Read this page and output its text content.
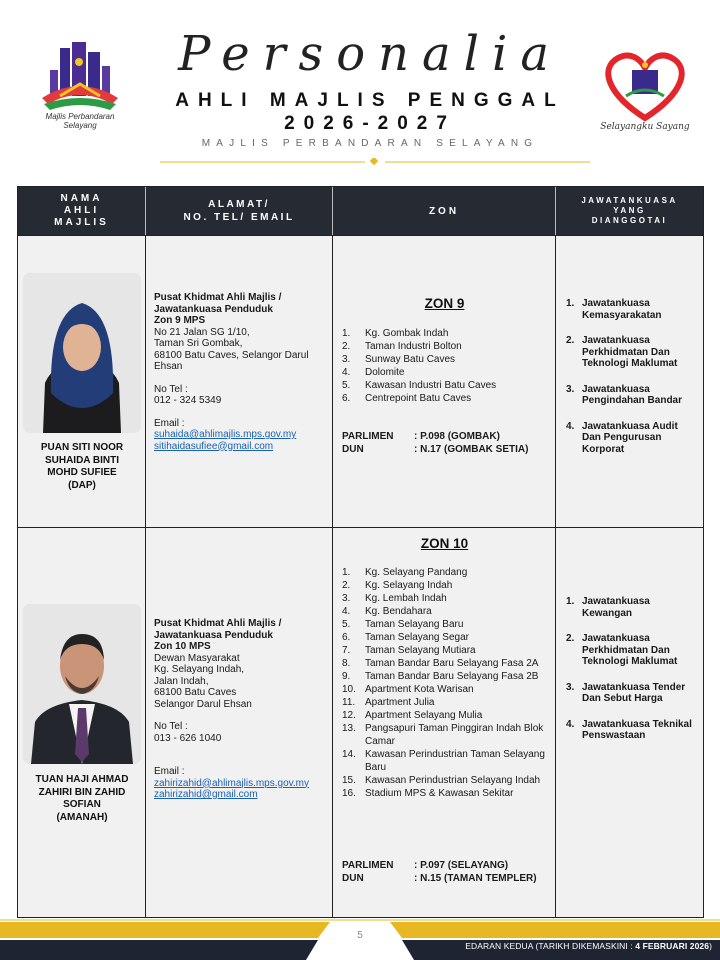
Majlis Perbandaran Selayang
Personalia
AHLI MAJLIS PENGGAL
2026-2027
MAJLIS PERBANDARAN SELAYANG
Selayangku Sayang
NAMA
AHLI
MAJLIS
ALAMAT/
NO. TEL/ EMAIL
ZON
JAWATANKUASA
YANG
DIANGGOTAI
PUAN SITI NOOR
SUHAIDA BINTI
MOHD SUFIEE
(DAP)
Pusat Khidmat Ahli Majlis /
Jawatankuasa Penduduk
Zon 9 MPS
No 21 Jalan SG 1/10,
Taman Sri Gombak,
68100 Batu Caves, Selangor Darul
Ehsan
No Tel :
012 - 324 5349
Email :
suhaida@ahlimajlis.mps.gov.my
sitihaidasufiee@gmail.com
ZON 9
1. Kg. Gombak Indah
2. Taman Industri Bolton
3. Sunway Batu Caves
4. Dolomite
5. Kawasan Industri Batu Caves
6. Centrepoint Batu Caves
PARLIMEN : P.098 (GOMBAK)
DUN	: N.17 (GOMBAK SETIA)
1. Jawatankuasa Kemasyarakatan
2. Jawatankuasa Perkhidmatan Dan Teknologi Maklumat
3. Jawatankuasa Pengindahan Bandar
4. Jawatankuasa Audit Dan Pengurusan Korporat
TUAN HAJI AHMAD
ZAHIRI BIN ZAHID
SOFIAN
(AMANAH)
Pusat Khidmat Ahli Majlis /
Jawatankuasa Penduduk
Zon 10 MPS
Dewan Masyarakat
Kg. Selayang Indah,
Jalan Indah,
68100 Batu Caves
Selangor Darul Ehsan
No Tel :
013 - 626 1040
Email :
zahirizahid@ahlimajlis.mps.gov.my
zahirizahid@gmail.com
ZON 10
1. Kg. Selayang Pandang
2. Kg. Selayang Indah
3. Kg. Lembah Indah
4. Kg. Bendahara
5. Taman Selayang Baru
6. Taman Selayang Segar
7. Taman Selayang Mutiara
8. Taman Bandar Baru Selayang Fasa 2A
9. Taman Bandar Baru Selayang Fasa 2B
10. Apartment Kota Warisan
11. Apartment Julia
12. Apartment Selayang Mulia
13. Pangsapuri Taman Pinggiran Indah Blok Camar
14. Kawasan Perindustrian Taman Selayang Baru
15. Kawasan Perindustrian Selayang Indah
16. Stadium MPS & Kawasan Sekitar
PARLIMEN : P.097 (SELAYANG)
DUN	: N.15 (TAMAN TEMPLER)
1. Jawatankuasa Kewangan
2. Jawatankuasa Perkhidmatan Dan Teknologi Maklumat
3. Jawatankuasa Tender Dan Sebut Harga
4. Jawatankuasa Teknikal Penswastaan
5
EDARAN KEDUA (TARIKH DIKEMASKINI : 4 FEBRUARI 2026)
